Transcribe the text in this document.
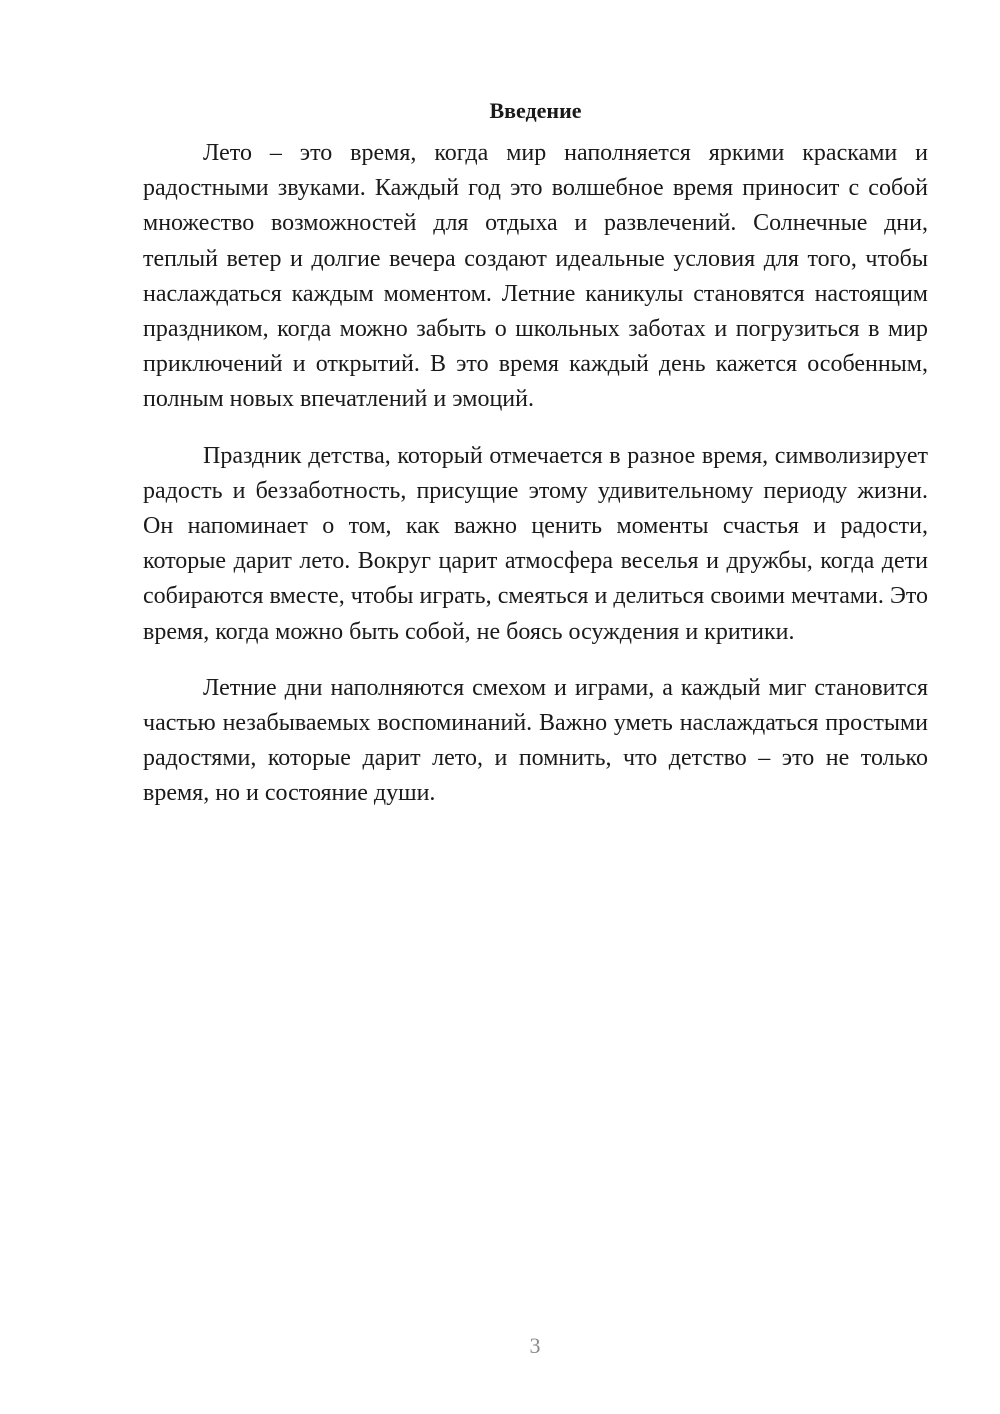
Введение

Лето – это время, когда мир наполняется яркими красками и радостными звуками. Каждый год это волшебное время приносит с собой множество возможностей для отдыха и развлечений. Солнечные дни, теплый ветер и долгие вечера создают идеальные условия для того, чтобы наслаждаться каждым моментом. Летние каникулы становятся настоящим праздником, когда можно забыть о школьных заботах и погрузиться в мир приключений и открытий. В это время каждый день кажется особенным, полным новых впечатлений и эмоций.

Праздник детства, который отмечается в разное время, символизирует радость и беззаботность, присущие этому удивительному периоду жизни. Он напоминает о том, как важно ценить моменты счастья и радости, которые дарит лето. Вокруг царит атмосфера веселья и дружбы, когда дети собираются вместе, чтобы играть, смеяться и делиться своими мечтами. Это время, когда можно быть собой, не боясь осуждения и критики.

Летние дни наполняются смехом и играми, а каждый миг становится частью незабываемых воспоминаний. Важно уметь наслаждаться простыми радостями, которые дарит лето, и помнить, что детство – это не только время, но и состояние души.

3
